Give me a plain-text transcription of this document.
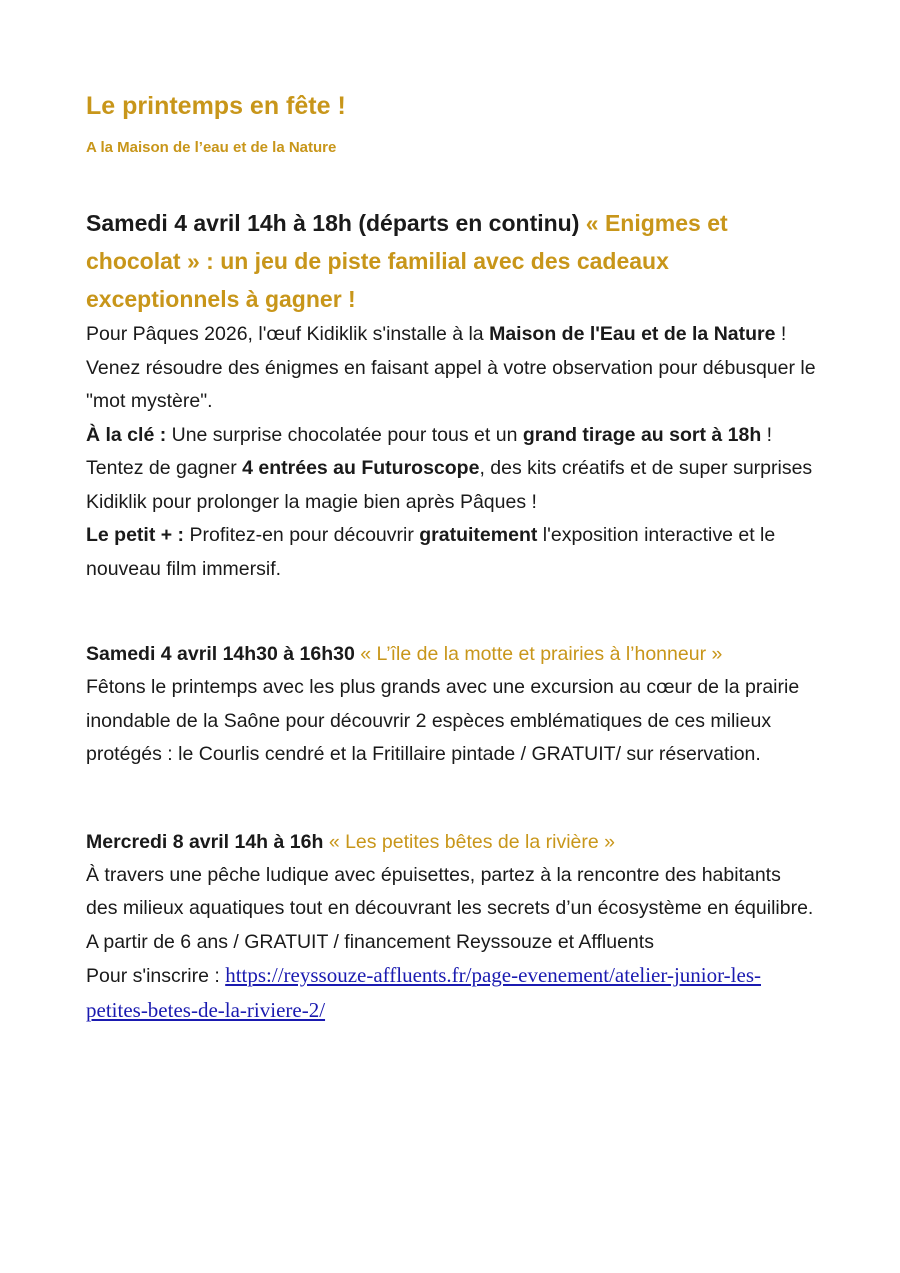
Le printemps en fête !
A la Maison de l’eau et de la Nature
Samedi 4 avril 14h à 18h (départs en continu) « Enigmes et chocolat » : un jeu de piste familial avec des cadeaux exceptionnels à gagner !

Pour Pâques 2026, l'œuf Kidiklik s'installe à la Maison de l'Eau et de la Nature ! Venez résoudre des énigmes en faisant appel à votre observation pour débusquer le "mot mystère".

À la clé : Une surprise chocolatée pour tous et un grand tirage au sort à 18h ! Tentez de gagner 4 entrées au Futuroscope, des kits créatifs et de super surprises Kidiklik pour prolonger la magie bien après Pâques !

Le petit + : Profitez-en pour découvrir gratuitement l'exposition interactive et le nouveau film immersif.

Samedi 4 avril 14h30 à 16h30 « L’île de la motte et prairies à l’honneur »

Fêtons le printemps avec les plus grands avec une excursion au cœur de la prairie inondable de la Saône pour découvrir 2 espèces emblématiques de ces milieux protégés : le Courlis cendré et la Fritillaire pintade / GRATUIT/ sur réservation.

Mercredi 8 avril 14h à 16h « Les petites bêtes de la rivière »

À travers une pêche ludique avec épuisettes, partez à la rencontre des habitants des milieux aquatiques tout en découvrant les secrets d’un écosystème en équilibre.

A partir de 6 ans / GRATUIT / financement Reyssouze et Affluents

Pour s'inscrire : https://reyssouze-affluents.fr/page-evenement/atelier-junior-les-petites-betes-de-la-riviere-2/
